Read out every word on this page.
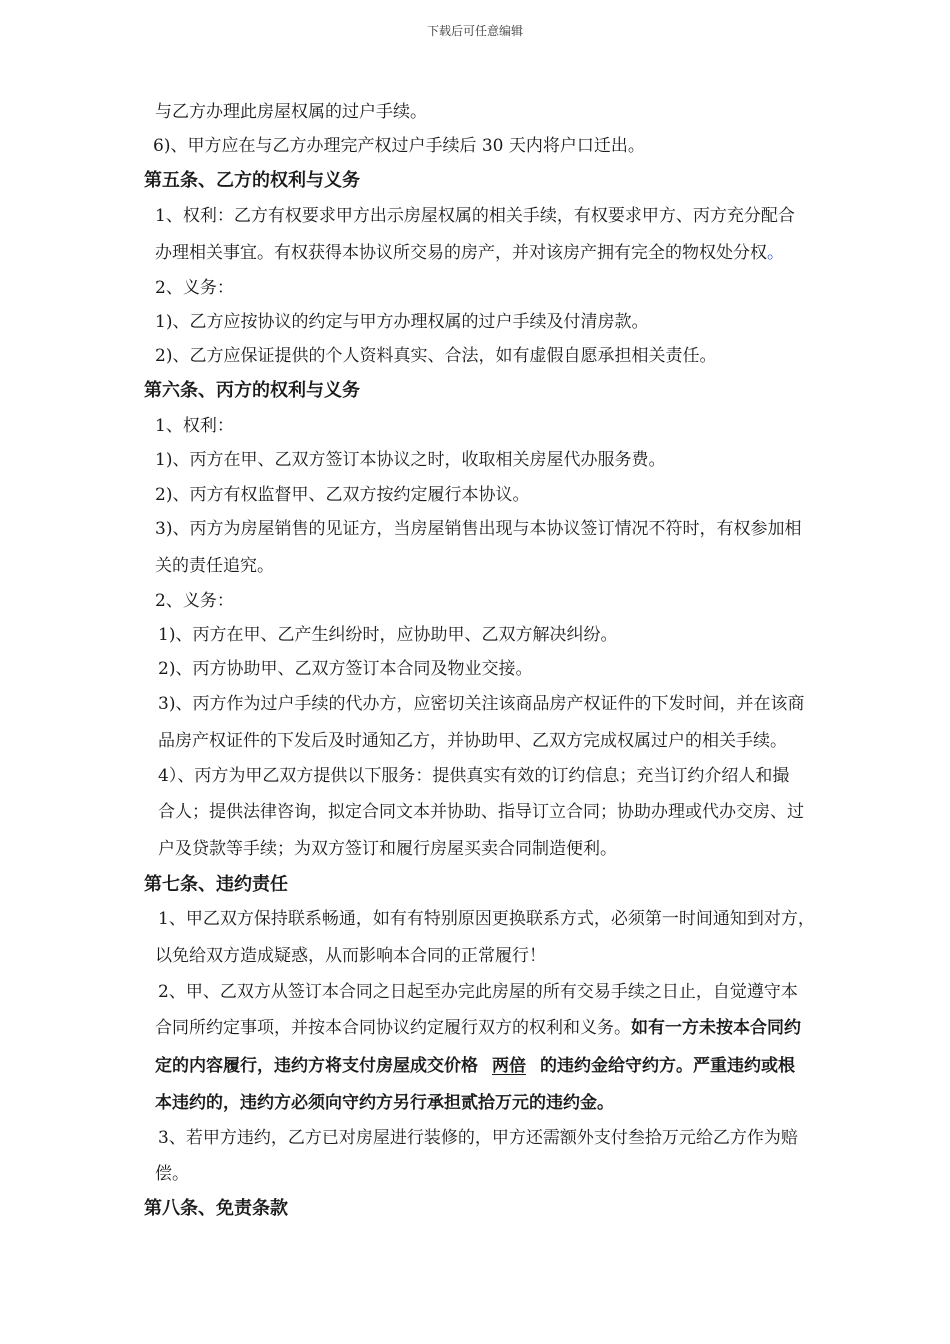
下载后可任意编辑
与乙方办理此房屋权属的过户手续。
6)、甲方应在与乙方办理完产权过户手续后 30 天内将户口迁出。
第五条、乙方的权利与义务
1、权利：乙方有权要求甲方出示房屋权属的相关手续，有权要求甲方、丙方充分配合
办理相关事宜。有权获得本协议所交易的房产，并对该房产拥有完全的物权处分权。
2、义务：
1)、乙方应按协议的约定与甲方办理权属的过户手续及付清房款。
2)、乙方应保证提供的个人资料真实、合法，如有虚假自愿承担相关责任。
第六条、丙方的权利与义务
1、权利：
1)、丙方在甲、乙双方签订本协议之时，收取相关房屋代办服务费。
2)、丙方有权监督甲、乙双方按约定履行本协议。
3)、丙方为房屋销售的见证方，当房屋销售出现与本协议签订情况不符时，有权参加相
关的责任追究。
2、义务：
1)、丙方在甲、乙产生纠纷时，应协助甲、乙双方解决纠纷。
2)、丙方协助甲、乙双方签订本合同及物业交接。
3)、丙方作为过户手续的代办方，应密切关注该商品房产权证件的下发时间，并在该商
品房产权证件的下发后及时通知乙方，并协助甲、乙双方完成权属过户的相关手续。
4）、丙方为甲乙双方提供以下服务：提供真实有效的订约信息；充当订约介绍人和撮
合人；提供法律咨询，拟定合同文本并协助、指导订立合同；协助办理或代办交房、过
户及贷款等手续；为双方签订和履行房屋买卖合同制造便利。
第七条、违约责任
1、甲乙双方保持联系畅通，如有有特别原因更换联系方式，必须第一时间通知到对方，
以免给双方造成疑惑，从而影响本合同的正常履行！
2、甲、乙双方从签订本合同之日起至办完此房屋的所有交易手续之日止，自觉遵守本
合同所约定事项，并按本合同协议约定履行双方的权利和义务。如有一方未按本合同约
定的内容履行，违约方将支付房屋成交价格 两倍 的违约金给守约方。严重违约或根
本违约的，违约方必须向守约方另行承担贰拾万元的违约金。
3、若甲方违约，乙方已对房屋进行装修的，甲方还需额外支付叁拾万元给乙方作为赔
偿。
第八条、免责条款
